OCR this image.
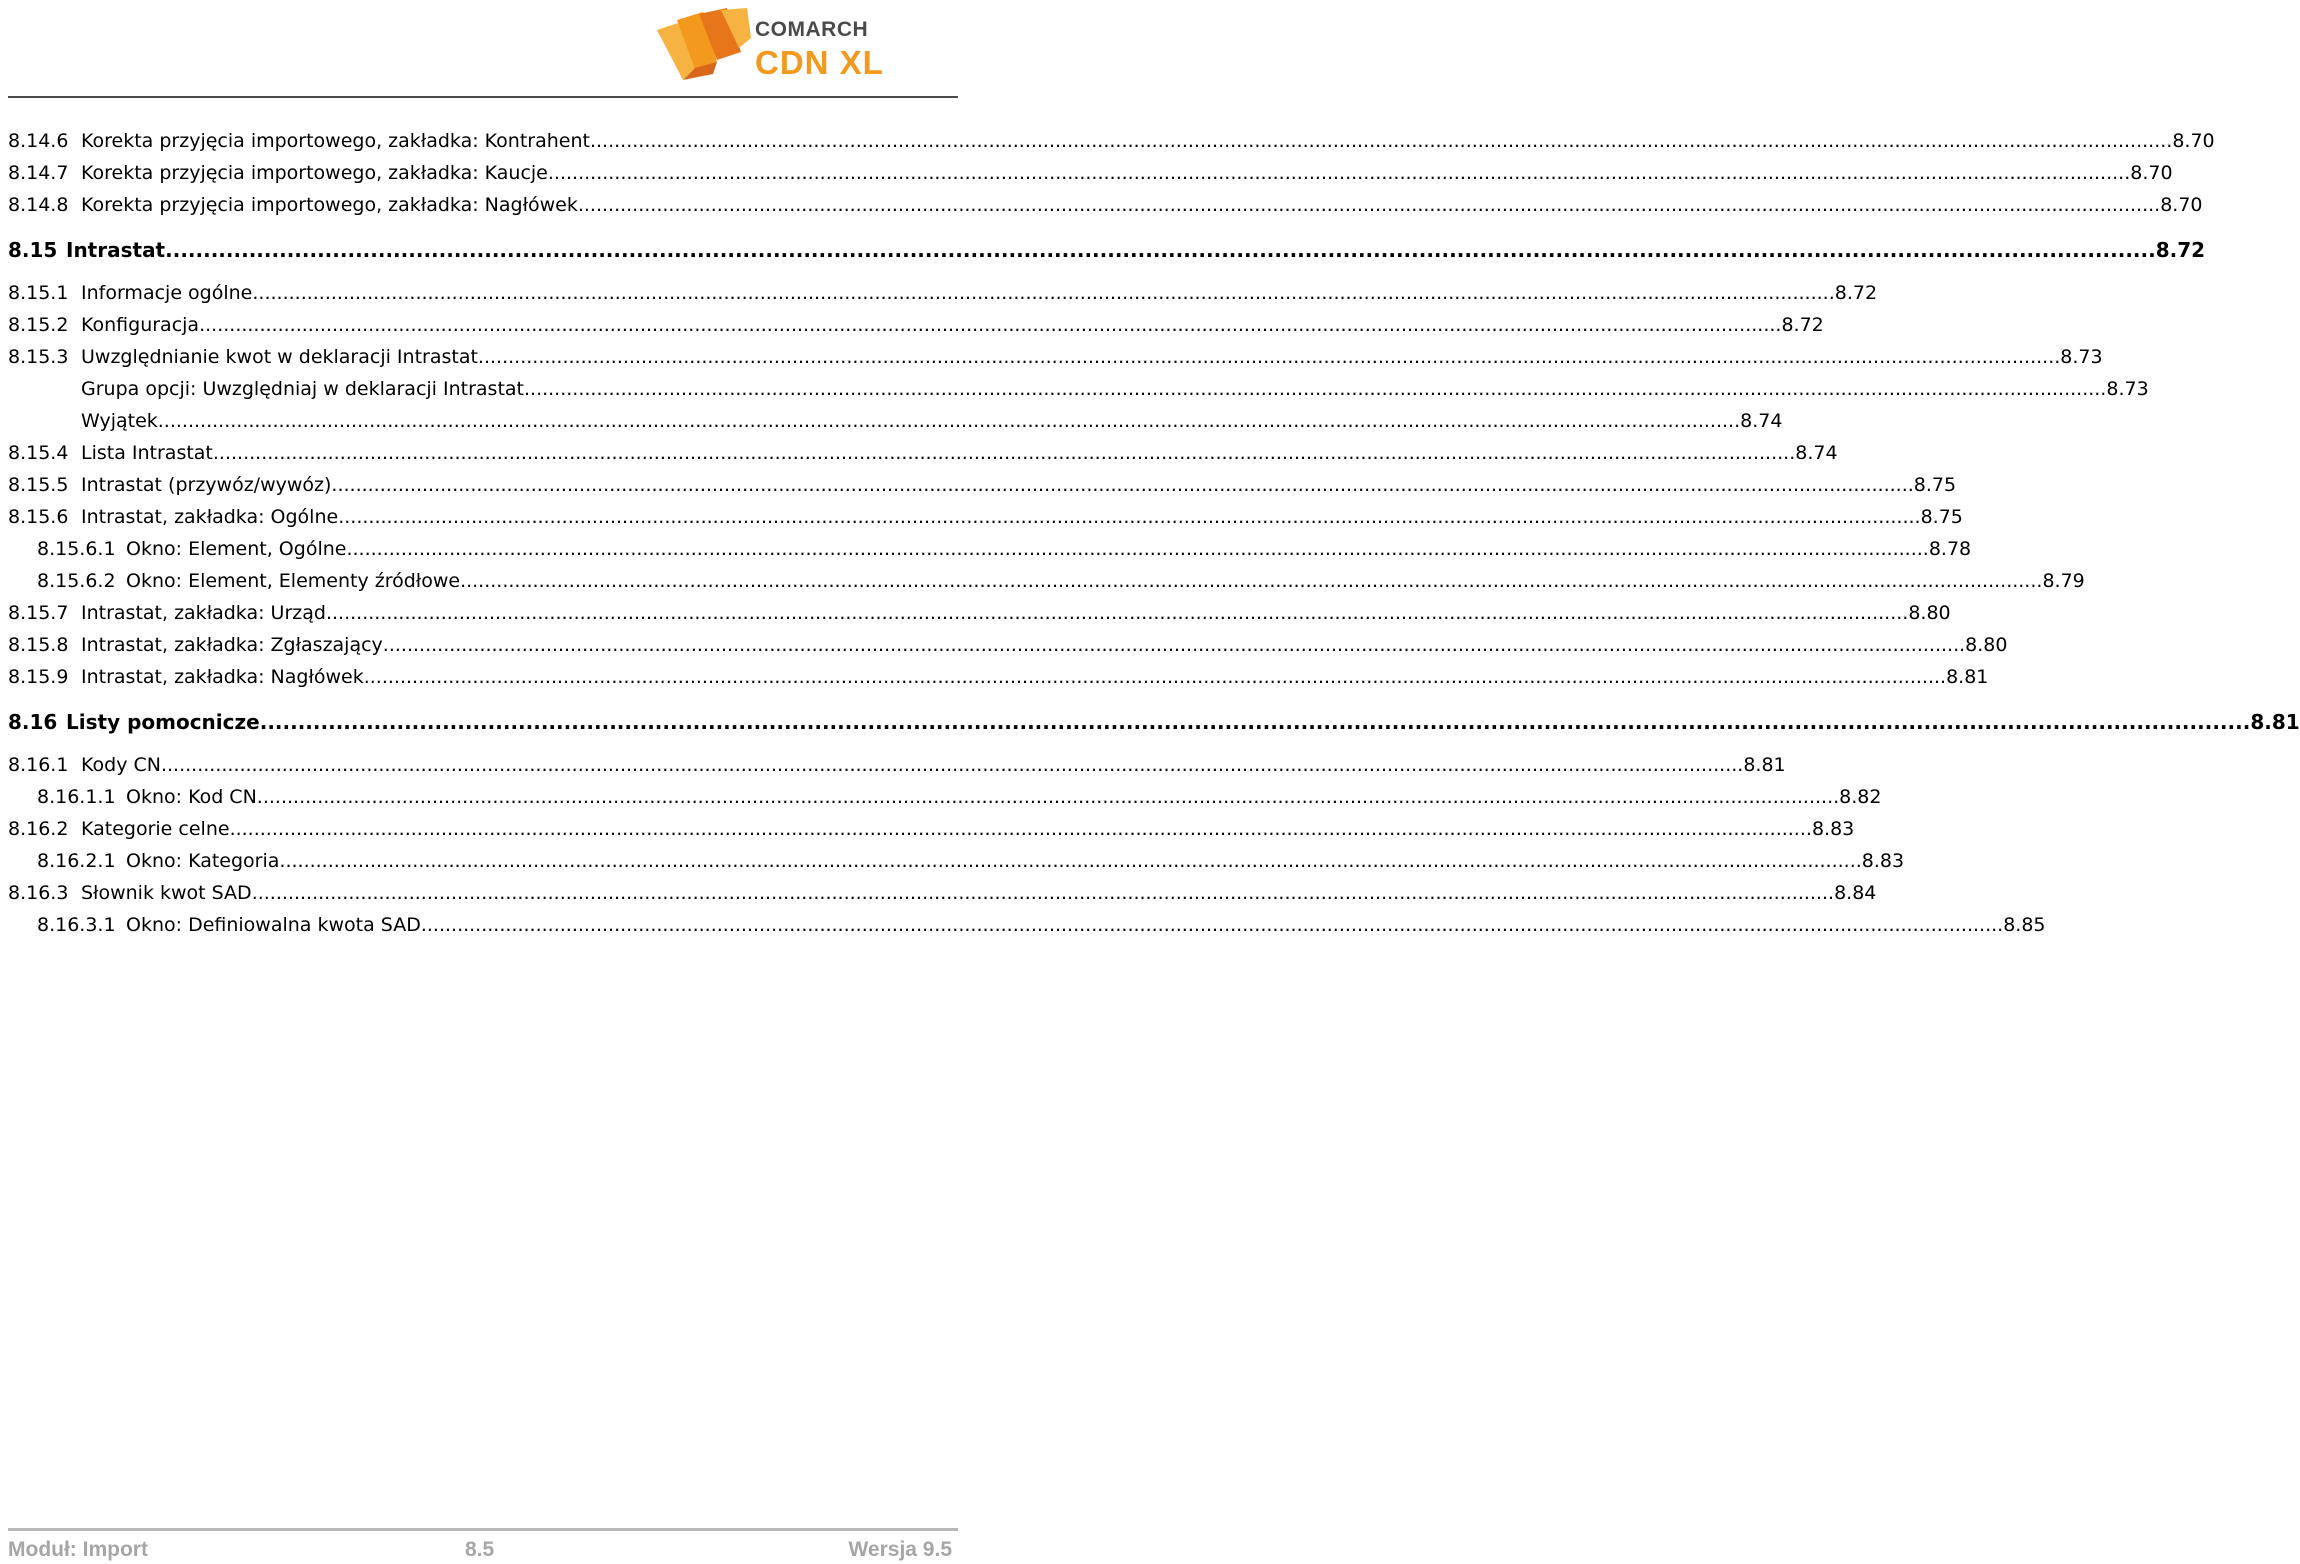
COMARCH
CDN XL
8.14.6 Korekta przyjęcia importowego, zakładka: Kontrahent .....	8.70
8.14.7 Korekta przyjęcia importowego, zakładka: Kaucje .....	8.70
8.14.8 Korekta przyjęcia importowego, zakładka: Nagłówek .....	8.70
8.15 Intrastat .....	8.72
8.15.1 Informacje ogólne .....	8.72
8.15.2 Konfiguracja .....	8.72
8.15.3 Uwzględnianie kwot w deklaracji Intrastat .....	8.73
Grupa opcji: Uwzględniaj w deklaracji Intrastat .....	8.73
Wyjątek .....	8.74
8.15.4 Lista Intrastat .....	8.74
8.15.5 Intrastat (przywóz/wywóz) .....	8.75
8.15.6 Intrastat, zakładka: Ogólne .....	8.75
8.15.6.1 Okno: Element, Ogólne .....	8.78
8.15.6.2 Okno: Element, Elementy źródłowe .....	8.79
8.15.7 Intrastat, zakładka: Urząd .....	8.80
8.15.8 Intrastat, zakładka: Zgłaszający .....	8.80
8.15.9 Intrastat, zakładka: Nagłówek .....	8.81
8.16 Listy pomocnicze .....	8.81
8.16.1 Kody CN .....	8.81
8.16.1.1 Okno: Kod CN .....	8.82
8.16.2 Kategorie celne .....	8.83
8.16.2.1 Okno: Kategoria .....	8.83
8.16.3 Słownik kwot SAD .....	8.84
8.16.3.1 Okno: Definiowalna kwota SAD .....	8.85
Moduł: Import	8.5	Wersja 9.5
